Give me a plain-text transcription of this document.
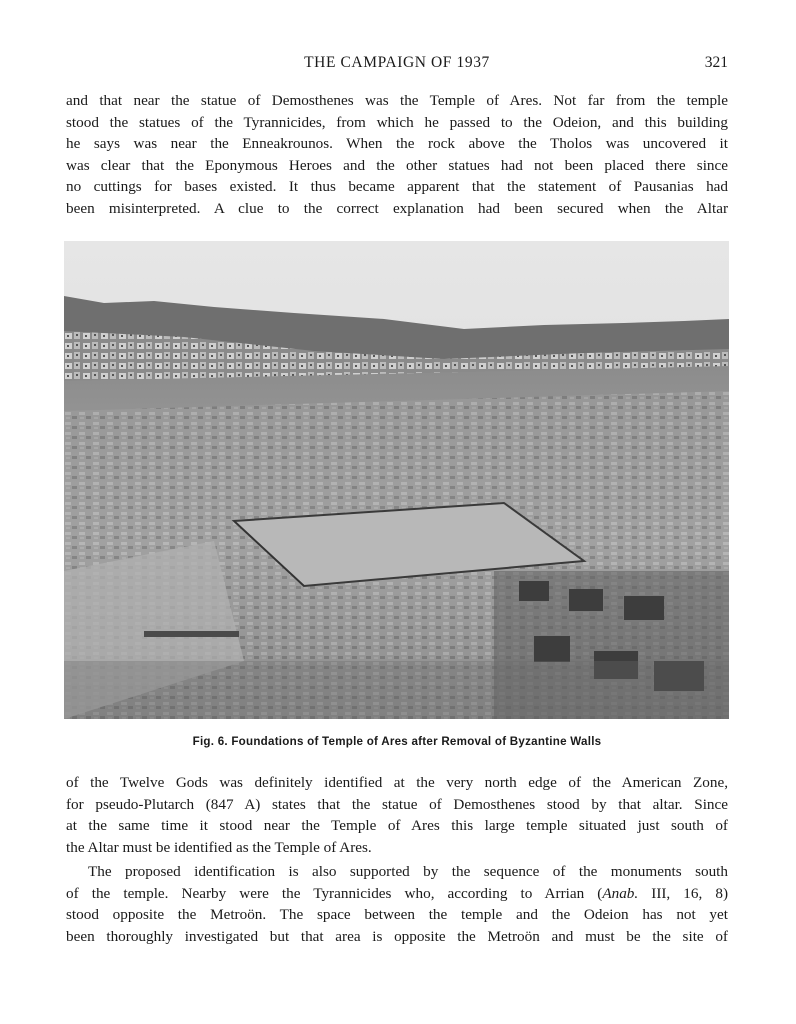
THE CAMPAIGN OF 1937	321
and that near the statue of Demosthenes was the Temple of Ares. Not far from the temple
stood the statues of the Tyrannicides, from which he passed to the Odeion, and this building
he says was near the Enneakrounos. When the rock above the Tholos was uncovered it
was clear that the Eponymous Heroes and the other statues had not been placed there since
no cuttings for bases existed. It thus became apparent that the statement of Pausanias had
been misinterpreted. A clue to the correct explanation had been secured when the Altar
Fig. 6. Foundations of Temple of Ares after Removal of Byzantine Walls
of the Twelve Gods was definitely identified at the very north edge of the American Zone,
for pseudo-Plutarch (847 A) states that the statue of Demosthenes stood by that altar. Since
at the same time it stood near the Temple of Ares this large temple situated just south of
the Altar must be identified as the Temple of Ares.
The proposed identification is also supported by the sequence of the monuments south
of the temple. Nearby were the Tyrannicides who, according to Arrian (Anab. III, 16, 8)
stood opposite the Metroön. The space between the temple and the Odeion has not yet
been thoroughly investigated but that area is opposite the Metroön and must be the site of
